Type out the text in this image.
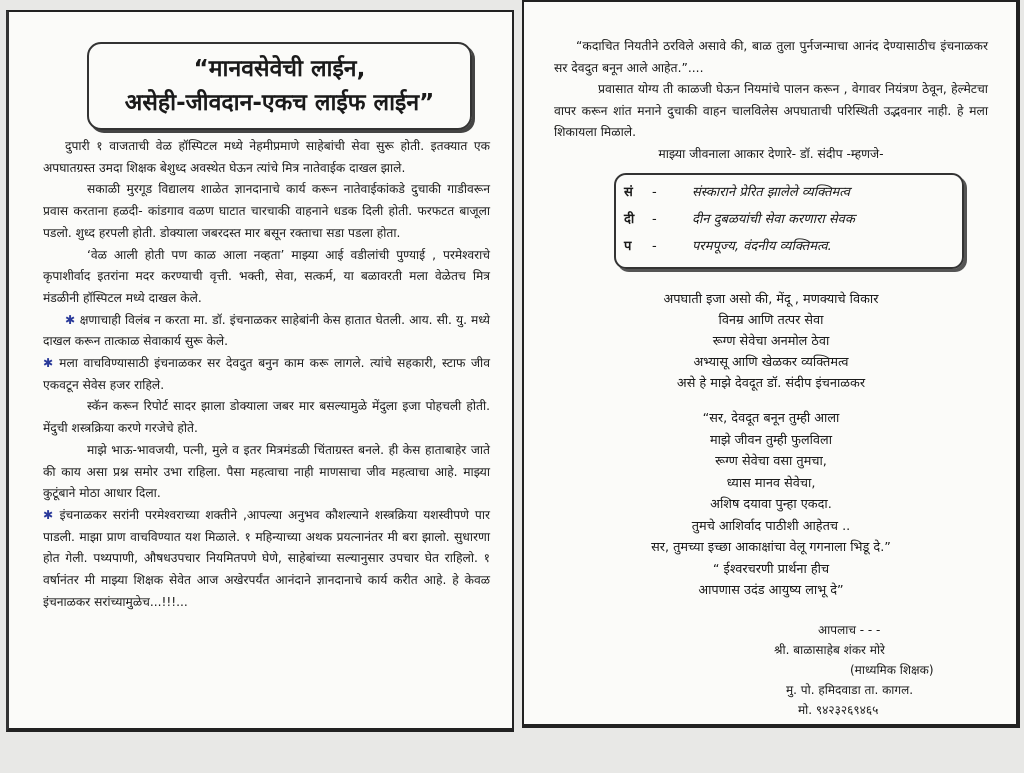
“मानवसेवेची लाईन,
असेही-जीवदान-एकच लाईफ लाईन”

दुपारी १ वाजताची वेळ हॉस्पिटल मध्ये नेहमीप्रमाणे साहेबांची सेवा सुरू होती. इतक्यात एक अपघातग्रस्त उमदा शिक्षक बेशुध्द अवस्थेत घेऊन त्यांचे मित्र नातेवाईक दाखल झाले.

सकाळी मुरगूड विद्यालय शाळेत ज्ञानदानाचे कार्य करून नातेवाईकांकडे दुचाकी गाडीवरून प्रवास करताना हळदी- कांडगाव वळण घाटात चारचाकी वाहनाने धडक दिली होती. फरफटत बाजूला पडलो. शुध्द हरपली होती. डोक्याला जबरदस्त मार बसून रक्ताचा सडा पडला होता.

‘वेळ आली होती पण काळ आला नव्हता’ माझ्या आई वडीलांची पुण्याई , परमेश्वराचे कृपाशीर्वाद इतरांना मदर करण्याची वृत्ती. भक्ती, सेवा, सत्कर्म, या बळावरती मला वेळेतच मित्र मंडळीनी हॉस्पिटल मध्ये दाखल केले.

✱ क्षणाचाही विलंब न करता मा. डॉ. इंचनाळकर साहेबांनी केस हातात घेतली. आय. सी. यु. मध्ये दाखल करून तात्काळ सेवाकार्य सुरू केले.

✱ मला वाचविण्यासाठी इंचनाळकर सर देवदुत बनुन काम करू लागले. त्यांचे सहकारी, स्टाफ जीव एकवटून सेवेस हजर राहिले.

स्कॅन करून रिपोर्ट सादर झाला डोक्याला जबर मार बसल्यामुळे मेंदुला इजा पोहचली होती. मेंदुची शस्त्रक्रिया करणे गरजेचे होते.

माझे भाऊ-भावजयी, पत्नी, मुले व इतर मित्रमंडळी चिंताग्रस्त बनले. ही केस हाताबाहेर जाते की काय असा प्रश्न समोर उभा राहिला. पैसा महत्वाचा नाही माणसाचा जीव महत्वाचा आहे. माझ्या कुटूंबाने मोठा आधार दिला.

✱ इंचनाळकर सरांनी परमेश्वराच्या शक्तीने ,आपल्या अनुभव कौशल्याने शस्त्रक्रिया यशस्वीपणे पार पाडली. माझा प्राण वाचविण्यात यश मिळाले. १ महिन्याच्या अथक प्रयत्नानंतर मी बरा झालो. सुधारणा होत गेली. पथ्यपाणी, औषधउपचार नियमितपणे घेणे, साहेबांच्या सल्यानुसार उपचार घेत राहिलो. १ वर्षानंतर मी माझ्या शिक्षक सेवेत आज अखेरपर्यंत आनंदाने ज्ञानदानाचे कार्य करीत आहे. हे केवळ इंचनाळकर सरांच्यामुळेच...!!!...

“कदाचित नियतीने ठरविले असावे की, बाळ तुला पुर्नजन्माचा आनंद देण्यासाठीच इंचनाळकर सर देवदुत बनून आले आहेत.”....

प्रवासात योग्य ती काळजी घेऊन नियमांचे पालन करून , वेगावर नियंत्रण ठेवून, हेल्मेटचा वापर करून शांत मनाने दुचाकी वाहन चालविलेस अपघाताची परिस्थिती उद्भवनार नाही. हे मला शिकायला मिळाले.

माझ्या जीवनाला आकार देणारे- डॉ. संदीप -म्हणजे-

सं	-	संस्काराने प्रेरित झालेले व्यक्तिमत्व
दी	-	दीन दुबळयांची सेवा करणारा सेवक
प	-	परमपूज्य, वंदनीय व्यक्तिमत्व.

अपघाती इजा असो की, मेंदू , मणक्याचे विकार

विनम्र आणि तत्पर सेवा

रूग्ण सेवेचा अनमोल ठेवा

अभ्यासू आणि खेळकर व्यक्तिमत्व

असे हे माझे देवदूत डॉ. संदीप इंचनाळकर

“सर, देवदूत बनून तुम्ही आला

माझे जीवन तुम्ही फुलविला

रूग्ण सेवेचा वसा तुमचा,

ध्यास मानव सेवेचा,

अशिष दयावा पुन्हा एकदा.

तुमचे आशिर्वाद पाठीशी आहेतच ..

सर, तुमच्या इच्छा आकाक्षांचा वेलू गगनाला भिडू दे.”

“ ईश्वरचरणी प्रार्थना हीच

आपणास उदंड आयुष्य लाभू दे”

आपलाच - - -

श्री. बाळासाहेब शंकर मोरे

(माध्यमिक शिक्षक)

मु. पो. हमिदवाडा ता. कागल.

मो. ९४२३२६९४६५
